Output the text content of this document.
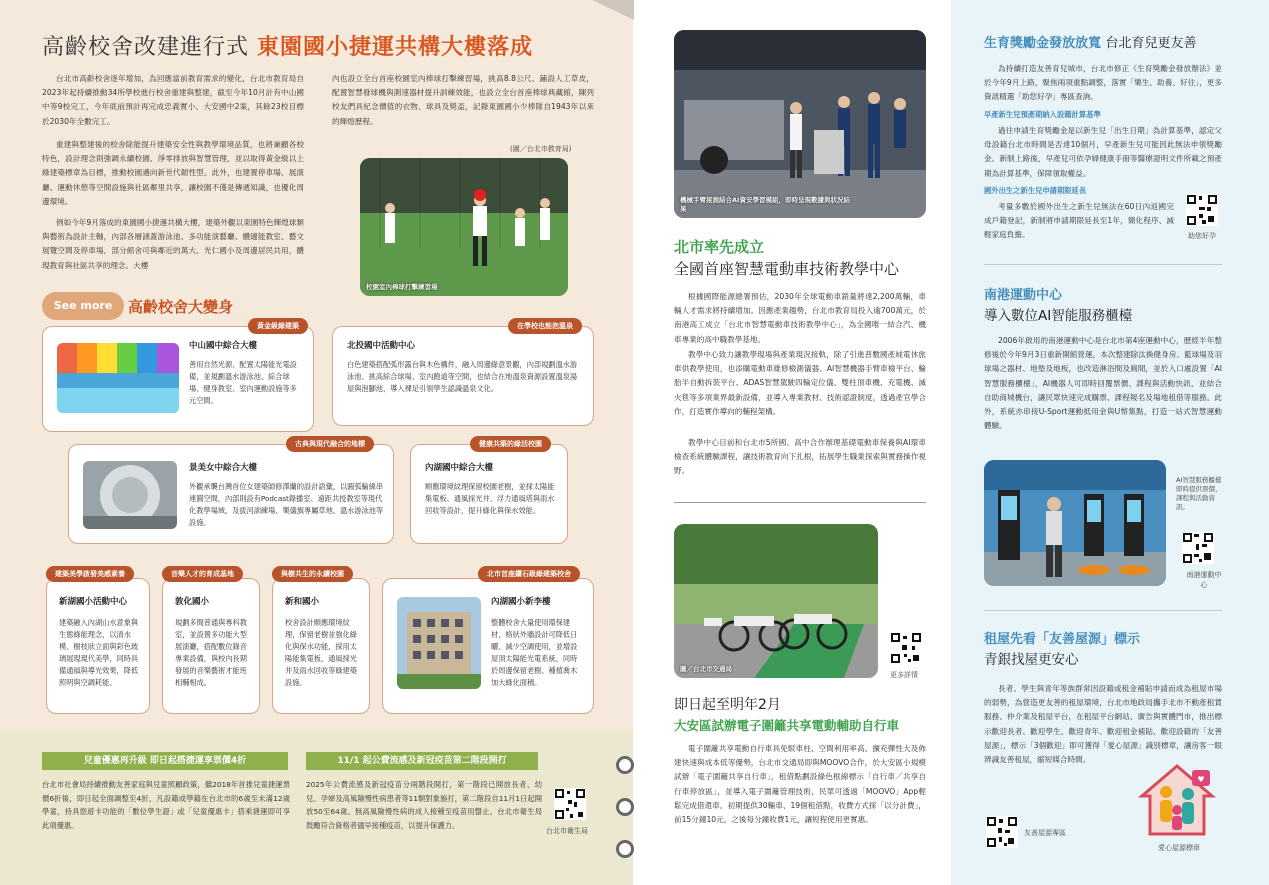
高齡校舍改建進行式 東園國小捷運共構大樓落成
台北市高齡校舍逐年增加，為回應當前教育需求的變化，台北市教育局自2023年起持續推動34所學校進行校舍重建與整建，截至今年10月計有中山國中等9校完工，今年底前預計再完成忠義實小、大安國中2案，其餘23校目標於2030年全數完工。
重建與整建後的校舍除能提升建築安全性與教學環境品質，也將兼顧各校特色，設計理念則強調永續校園、淨零排放與智慧管理，並以取得黃金級以上綠建築標章為目標，推動校園邁向新世代韌性型。此外，也建置停車場、展演廳、運動休憩等空間設施與社區鄰里共享，讓校園不僅是傳遞知識，也優化周邊環境。
例如今年9月落成的東園國小捷運共構大樓，建築外觀以東園特色輝煌球類與藝術為設計主軸，內部各層涵蓋游泳池、多功能演藝廳、體適能教室、藝文展覽空間及停車場，部分館舍可與鄰近的萬大、光仁國小及周邊居民共用，體現教育與社區共享的理念。大樓
內也設立全台首座校園室內棒球打擊練習場，挑高8.8公尺、鋪設人工草皮，配置智慧發球機與測速器材提升訓練效能，也設立全台首座棒球典藏館，陳列校友們具紀念價值的衣物、球具及獎盃，記錄東園國小少棒隊自1943年以來的輝煌歷程。
(圖／台北市教育局)
校園室內棒球打擊練習場
See more	高齡校舍大變身
中山國中綜合大樓
善用自然光源、配置太陽能光電設備，並規劃溫水游泳池、綜合球場、健身教室、室內運動設施等多元空間。
黃金級綠建築
北投國中活動中心
白色建築搭配弧形露台與木色構件，融入周邊綠意景觀，內部規劃溫水游泳池、挑高綜合球場、室內跑道等空間，也結合在地溫泉資源設置溫泉湯屋與泡腳池，導入裸足引領學生認識溫泉文化。
在學校也能泡溫泉
景美女中綜合大樓
外觀承襲台灣首位女建築師修澤蘭的設計語彙，以圓弧輪線串連圓空間，內部則設有Podcast錄播室、遠距共授教室等現代化教學場域，及拔河訓練場、樂儀旗專屬草地、溫水游泳池等設施。
古典與現代融合的地標
內湖國中綜合大樓
順應環境紋理保留校園老樹，並採太陽能集電板、通風採光井、浮力通風塔與雨水回收等設計，提升綠化與保水效能。
健康共築的綠活校園
新湖國小活動中心
建築融入內湖山水意象與生態綠能理念，以清水模、樹枝狀立面與彩色玻璃展現現代美學，同時具備通風與導光效果，降低照明與空調耗能。
建築美學啟發美感素養
敦化國小
規劃多間普通與專科教室，並設置多功能大型展演廳，搭配數位錄音專業設備，與校內長期發展的音樂藝術才能班相輔相成。
音樂人才的育成基地
新和國小
校舍設計順應環境紋理，保留老樹並強化綠化與保水功能，採用太陽能集電板、通風採光井及雨水回收等綠建築設施。
與樹共生的永續校園
內湖國小新李樓
整體校舍大量使用環保建材，格狀外牆設計可降低日曬、減少空調使用，並增設屋頂太陽能光電系統，同時於周邊保留老樹、種植喬木加大綠化面積。
北市首座鑽石級綠建築校舍
兒童優惠再升級 即日起搭捷運享票價4折
台北市社會局持續推動友善家庭與兒童照顧政策，繼2018年首推兒童捷運票價6折後，即日起全面調整至4折，凡設籍或學籍在台北市的6歲至未滿12歲學童，持具悠遊卡功能的「數位學生證」或「兒童優惠卡」搭乘捷運即可享此項優惠。
11/1 起公費流感及新冠疫苗第二階段開打
2025年公費流感及新冠疫苗分兩階段開打，第一階段已開放長者、幼兒、孕婦及高風險慢性病患者等11類對象施打，第二階段自11月1日起開放50至64歲、無高風險慢性病的成人接種至疫苗用罄止，台北市衛生局鼓勵符合資格者儘早接種疫苗，以提升保護力。
台北市衛生局
機械手臂接測結合AI資安學習模組，即時呈現數據與狀況結果
北市率先成立
全國首座智慧電動車技術教學中心
根據國際能源總署預估，2030年全球電動車銷量將達2,200萬輛，車輛人才需求將持續增加。因應產業趨勢，台北市教育局投入逾700萬元，於南港高工成立「台北市智慧電動車技術教學中心」，為全國唯一結合汽、機車專業的高中職教學基地。
教學中心致力讓教學現場與產業現況接軌，除了引進普數國產純電休旅車供教學使用，也添購電動車維修檢測儀器、AI智慧機器手臂車檢平台、輪胎半自動拆裝平台、ADAS智慧駕駛四輪定位儀、雙柱頂車機、充電機、滅火毯等多項業界最新設備，並導入專業教材、技術認證制度，透過產官學合作，打造實作導向的輔程架構。
教學中心目前和台北市5所國、高中合作辦理基礎電動車保養與AI環車檢查系統體驗課程，讓技術教育向下扎根，拓展學生職業探索與實務操作視野。
圖／台北市交通局
更多詳情
即日起至明年2月
大安區試辦電子圍籬共享電動輔助自行車
電子圍籬共享電動自行車具免駁車柱、空間利用率高、擴充彈性大及佈建快速與成本低等優勢，台北市交通局即與MOOVO合作，於大安區小規模試辦「電子圍籬共享自行車」，租借點劃設綠色框線標示「自行車／共享自行車停放區」，並導入電子圍籬管理技術，民眾可透過「MOOVO」App輕鬆完成借還車。初期提供30輛車、19個租借點，收費方式採「以分計費」，前15分鐘10元，之後每分鐘收費1元，讓短程使用更實惠。
生育獎勵金發放放寬 台北育兒更友善
為持續打造友善育兒城市，台北市修正《生育獎勵金發放辦法》並於今年9月上路，聚焦兩項重點調整，落實「樂生、助養、好住」，更多資訊精選「助您好孕」專區查詢。
早產新生兒預產期納入設籍計算基準
過往申請生育獎勵金是以新生兒「出生日期」為計算基準，認定父母設籍台北市時間是否達10個月，早產新生兒可能因此無法申領獎勵金。新制上路後，早產兒可依孕婦健康手冊等醫療證明文件所載之預產期為計算基準，保障領取權益。
國外出生之新生兒申請期限延長
考量多數於國外出生之新生兒無法在60日內返國完成戶籍登記，新制將申請期限延長至1年，簡化程序、減輕家庭負擔。	助您好孕
南港運動中心
導入數位AI智能服務櫃檯
2006年啟用的南港運動中心是台北市第4座運動中心，歷經半年整修後於今年9月3日重新開館營運，本次整建除汰換健身房、籃球場及羽球場之器材、地墊及地板，也改造淋浴間及廁間，並於入口處設置「AI智慧服務櫃檯」，AI機器人可即時回覆票價、課程與活動快訊，並結合自助商城機台，讓民眾快速完成購票、課程報名及場地租借等服務。此外，系統亦串接U-Sport運動抵用金與U幣集點，打造一站式智慧運動體驗。
AI智慧服務櫃檯即時提供票價、課程與活動資訊。
南港運動中心
租屋先看「友善屋源」標示
青銀找屋更安心
長者、學生與青年等族群常因設籍或租金補貼申請而成為租屋市場的弱勢，為營造更友善的租屋環境，台北市地政局攜手北市不動產租賃服務、仲介業及租屋平台，在租屋平台網站、廣告與實體門市，推出標示歡迎長者、歡迎學生、歡迎青年、歡迎租金補貼、歡迎設籍的「友善屋源」，標示「3個歡迎」即可獲得「愛心屋源」識別標章，讓房客一眼辨識友善租屋，縮短媒合時間。
友善屋源專區
♥
愛心屋源標章
